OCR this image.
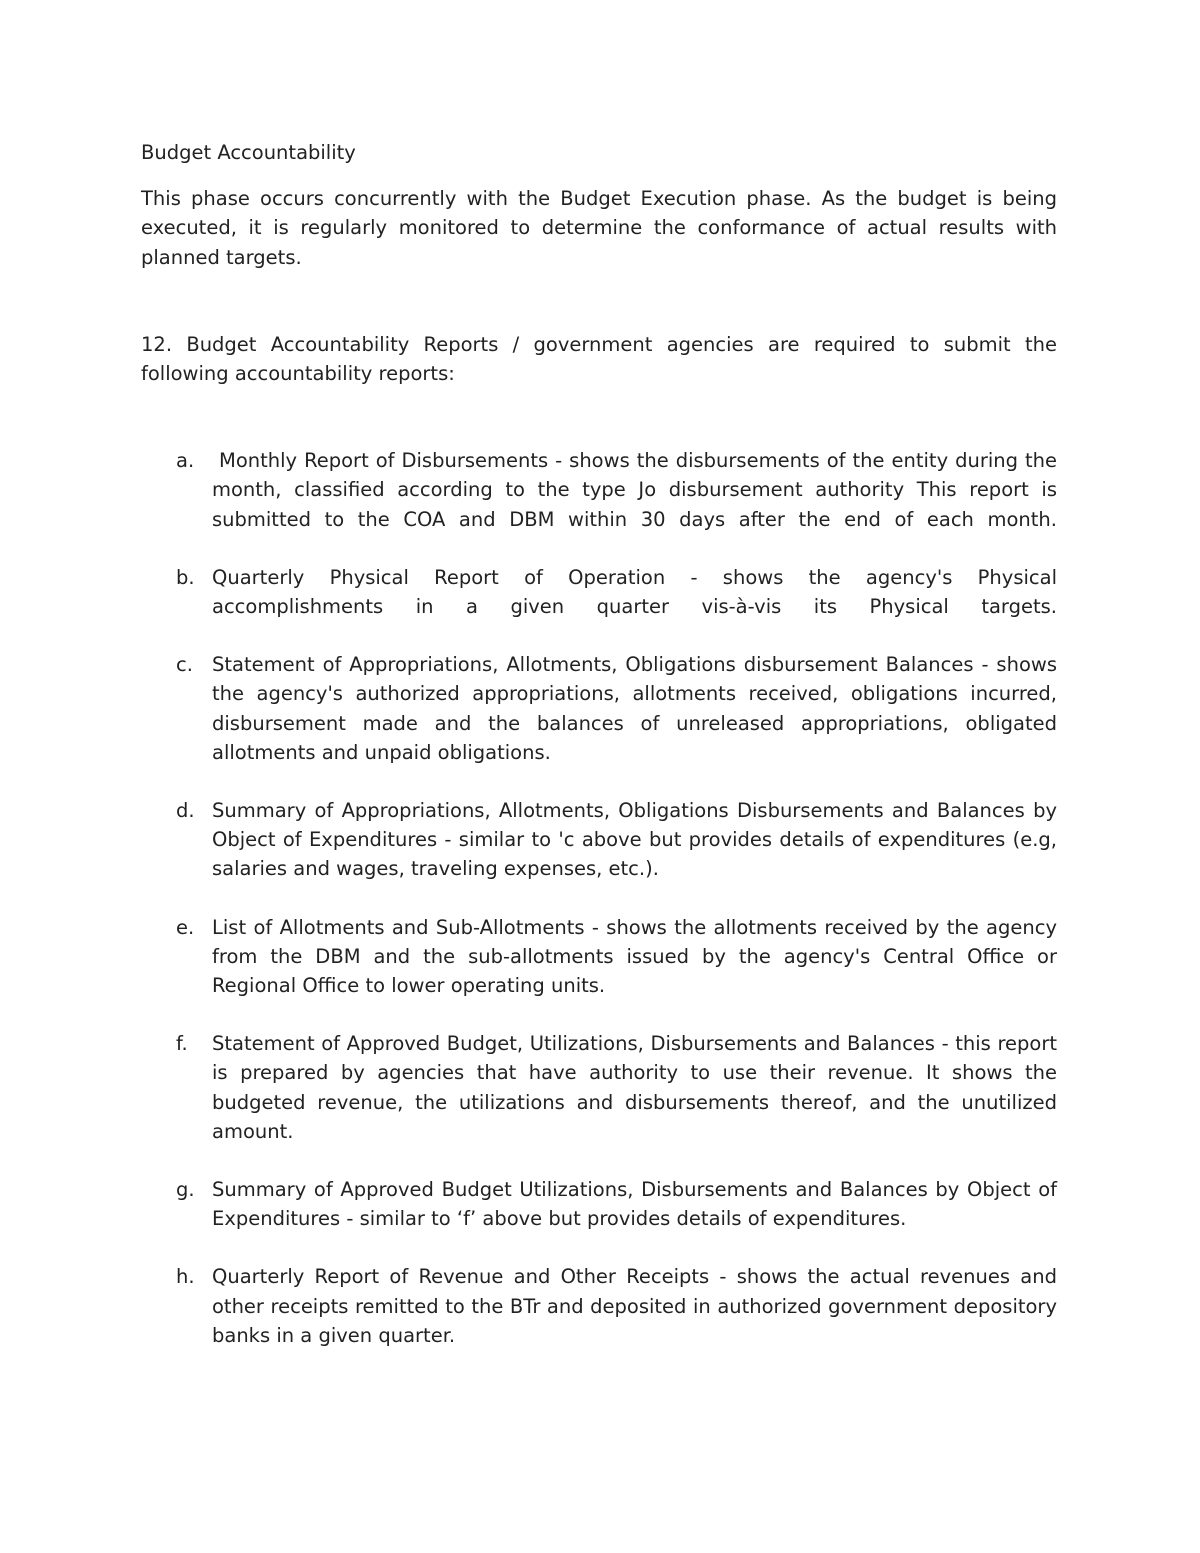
Budget Accountability

This phase occurs concurrently with the Budget Execution phase. As the budget is being executed, it is regularly monitored to determine the conformance of actual results with planned targets.

12. Budget Accountability Reports / government agencies are required to submit the following accountability reports:

a. Monthly Report of Disbursements - shows the disbursements of the entity during the month, classified according to the type Jo disbursement authority This report is submitted to the COA and DBM within 30 days after the end of each month.
b. Quarterly Physical Report of Operation - shows the agency's Physical accomplishments in a given quarter vis-à-vis its Physical targets.
c. Statement of Appropriations, Allotments, Obligations disbursement Balances - shows the agency's authorized appropriations, allotments received, obligations incurred, disbursement made and the balances of unreleased appropriations, obligated allotments and unpaid obligations.
d. Summary of Appropriations, Allotments, Obligations Disbursements and Balances by Object of Expenditures - similar to 'c above but provides details of expenditures (e.g, salaries and wages, traveling expenses, etc.).
e. List of Allotments and Sub-Allotments - shows the allotments received by the agency from the DBM and the sub-allotments issued by the agency's Central Office or Regional Office to lower operating units.
f. Statement of Approved Budget, Utilizations, Disbursements and Balances - this report is prepared by agencies that have authority to use their revenue. It shows the budgeted revenue, the utilizations and disbursements thereof, and the unutilized amount.
g. Summary of Approved Budget Utilizations, Disbursements and Balances by Object of Expenditures - similar to ‘f’ above but provides details of expenditures.
h. Quarterly Report of Revenue and Other Receipts - shows the actual revenues and other receipts remitted to the BTr and deposited in authorized government depository banks in a given quarter.
